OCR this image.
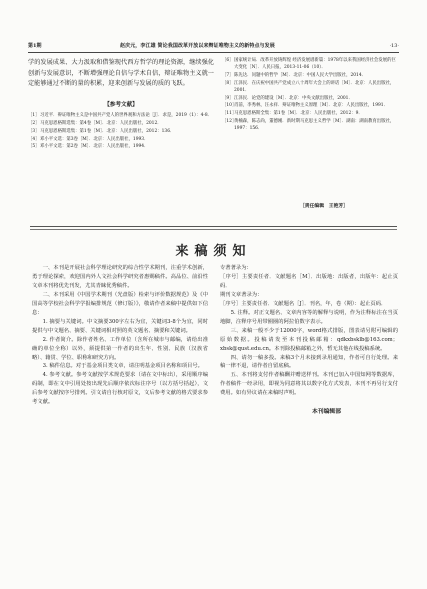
第1期	赵庆元，李江雄 简论我国改革开放以来辩证唯物主义的新特点与发展	·13·
学的发展成果、大力汲取和借鉴现代西方哲学的理论资源，继续强化创新与发展意识，不断增强理论自信与学术自信，辩证唯物主义就一定能够通过不断的量的积累，迎来创新与发展的质的飞跃。
【参考文献】
［1］ 习近平．辩证唯物主义是中国共产党人的世界观和方法论［J］．求是，2019（1）：4-8．
［2］ 马克思恩格斯选集：第4卷［M］．北京：人民出版社，2012．
［3］ 马克思恩格斯选集：第1卷［M］．北京：人民出版社，2012：136．
［4］ 邓小平文选：第3卷［M］．北京：人民出版社，1993．
［5］ 邓小平文选：第2卷［M］．北京：人民出版社，1994．
［6］ 国家统计局．改革开放铸辉煌 经济发展谱新篇：1978年以来我国经济社会发展的巨大变化［N］．人民日报，2013-11-06（10）．
［7］ 陈先达．问题中的哲学［M］．北京：中国人民大学出版社，2014．
［8］ 江泽民．在庆祝中国共产党成立八十周年大会上的讲话［M］．北京：人民出版社，2001．
［9］ 江泽民．论党的建设［M］．北京：中央文献出版社，2001．
［10］
肖前，李秀林，汪永祥．辩证唯物主义原理［M］．北京：人民出版社，1991．
［11］
马克思恩格斯全集：第1卷［M］．北京：人民出版社，2012：9．
［12］
黄楠森，陈志尚，董德刚．新时期马克思主义哲学［M］．湖南：湖南教育出版社，1997：156．
［责任编辑　王艳芳］
来稿须知

一、本刊是开展社会科学理论研究的综合性学术期刊，注重学术创新，勇于理论探索，欢迎国内外人文社会科学研究者惠赐稿件。高品位、前沿性文章本刊将优先刊发，尤其青睐优秀稿件。

二、本刊采用《中国学术期刊（光盘版）检索与评价数据规范》及《中国高等学校社会科学学报编排规范（修订版）》，敬请作者来稿中提供如下信息：

1. 摘要与关键词。中文摘要300字左右为宜，关键词3-8个为宜，同时提供与中文题名、摘要、关键词相对照的英文题名、摘要和关键词。

2. 作者简介。除作者姓名、工作单位（含所在城市与邮编，请给出准确的单位全称）以外，须提供第一作者的出生年、性别、民族（汉族省略）、籍贯、学位、职称和研究方向。

3. 稿件信息。对于基金项目类文章，请注明基金项目名称和项目号。

4. 参考文献。参考文献按学术规范要求（请在文中标出），采用顺序编码制，即在文中引用处按出现先后顺序依次标注序号（以方括号括起），文后参考文献按序号排列。引文请自行核对原文，文后参考文献的格式要求参考文献。

专著著录为：

［序号］主要责任者．文献题名［M］．出版地：出版者，出版年：起止页码．

期刊文章著录为：

［序号］主要责任者．文献题名［J］．刊名，年，卷（期）：起止页码．

5. 注释。对正文题名、文章内容等的解释与说明，作为注释标注在当页地脚，注释序号用带圈圈的阿拉伯数字表示。

三、来稿一般不少于12000字，word格式排版，图表请另附可编辑的原始数据。投稿请发至本刊投稿邮箱：qdkxbsklb@163.com；xbsk@qust.edu.cn。本刊除投稿邮箱之外，暂无其他在线投稿系统。

四、请勿一稿多投。来稿3个月未接到录用通知，作者可自行处理。来稿一律不退，请作者自留底稿。

五、本刊将支付作者稿酬并赠送样刊。本刊已加入中国知网等数据库，作者稿件一经录用，即视为同意将其以数字化方式发表，本刊不再另行支付费用。如有异议请在来稿时声明。

本刊编辑部
